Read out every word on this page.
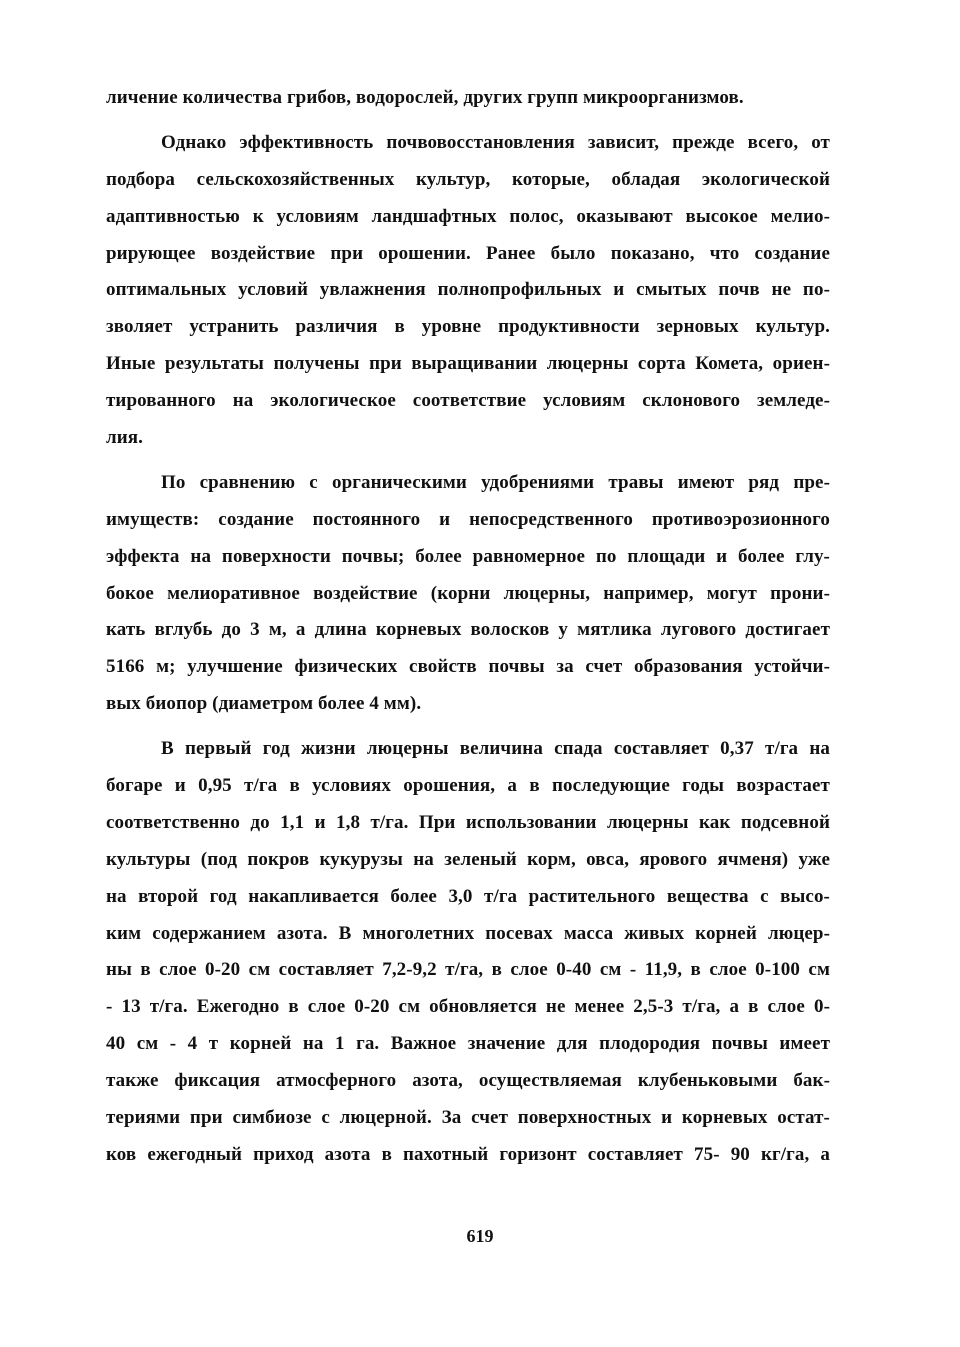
личение количества грибов, водорослей, других групп микроорганизмов.
Однако эффективность почвовосстановления зависит, прежде всего, от
подбора сельскохозяйственных культур, которые, обладая экологической
адаптивностью к условиям ландшафтных полос, оказывают высокое мелио-
рирующее воздействие при орошении. Ранее было показано, что создание
оптимальных условий увлажнения полнопрофильных и смытых почв не по-
зволяет устранить различия в уровне продуктивности зерновых культур.
Иные результаты получены при выращивании люцерны сорта Комета, ориен-
тированного на экологическое соответствие условиям склонового земледе-
лия.
По сравнению с органическими удобрениями травы имеют ряд пре-
имуществ: создание постоянного и непосредственного противоэрозионного
эффекта на поверхности почвы; более равномерное по площади и более глу-
бокое мелиоративное воздействие (корни люцерны, например, могут прони-
кать вглубь до 3 м, а длина корневых волосков у мятлика лугового достигает
5166 м; улучшение физических свойств почвы за счет образования устойчи-
вых биопор (диаметром более 4 мм).
В первый год жизни люцерны величина спада составляет 0,37 т/га на
богаре и 0,95 т/га в условиях орошения, а в последующие годы возрастает
соответственно до 1,1 и 1,8 т/га. При использовании люцерны как подсевной
культуры (под покров кукурузы на зеленый корм, овса, ярового ячменя) уже
на второй год накапливается более 3,0 т/га растительного вещества с высо-
ким содержанием азота. В многолетних посевах масса живых корней люцер-
ны в слое 0-20 см составляет 7,2-9,2 т/га, в слое 0-40 см - 11,9, в слое 0-100 см
- 13 т/га. Ежегодно в слое 0-20 см обновляется не менее 2,5-3 т/га, а в слое 0-
40 см - 4 т корней на 1 га. Важное значение для плодородия почвы имеет
также фиксация атмосферного азота, осуществляемая клубеньковыми бак-
териями при симбиозе с люцерной. За счет поверхностных и корневых остат-
ков ежегодный приход азота в пахотный горизонт составляет 75- 90 кг/га, а
619
